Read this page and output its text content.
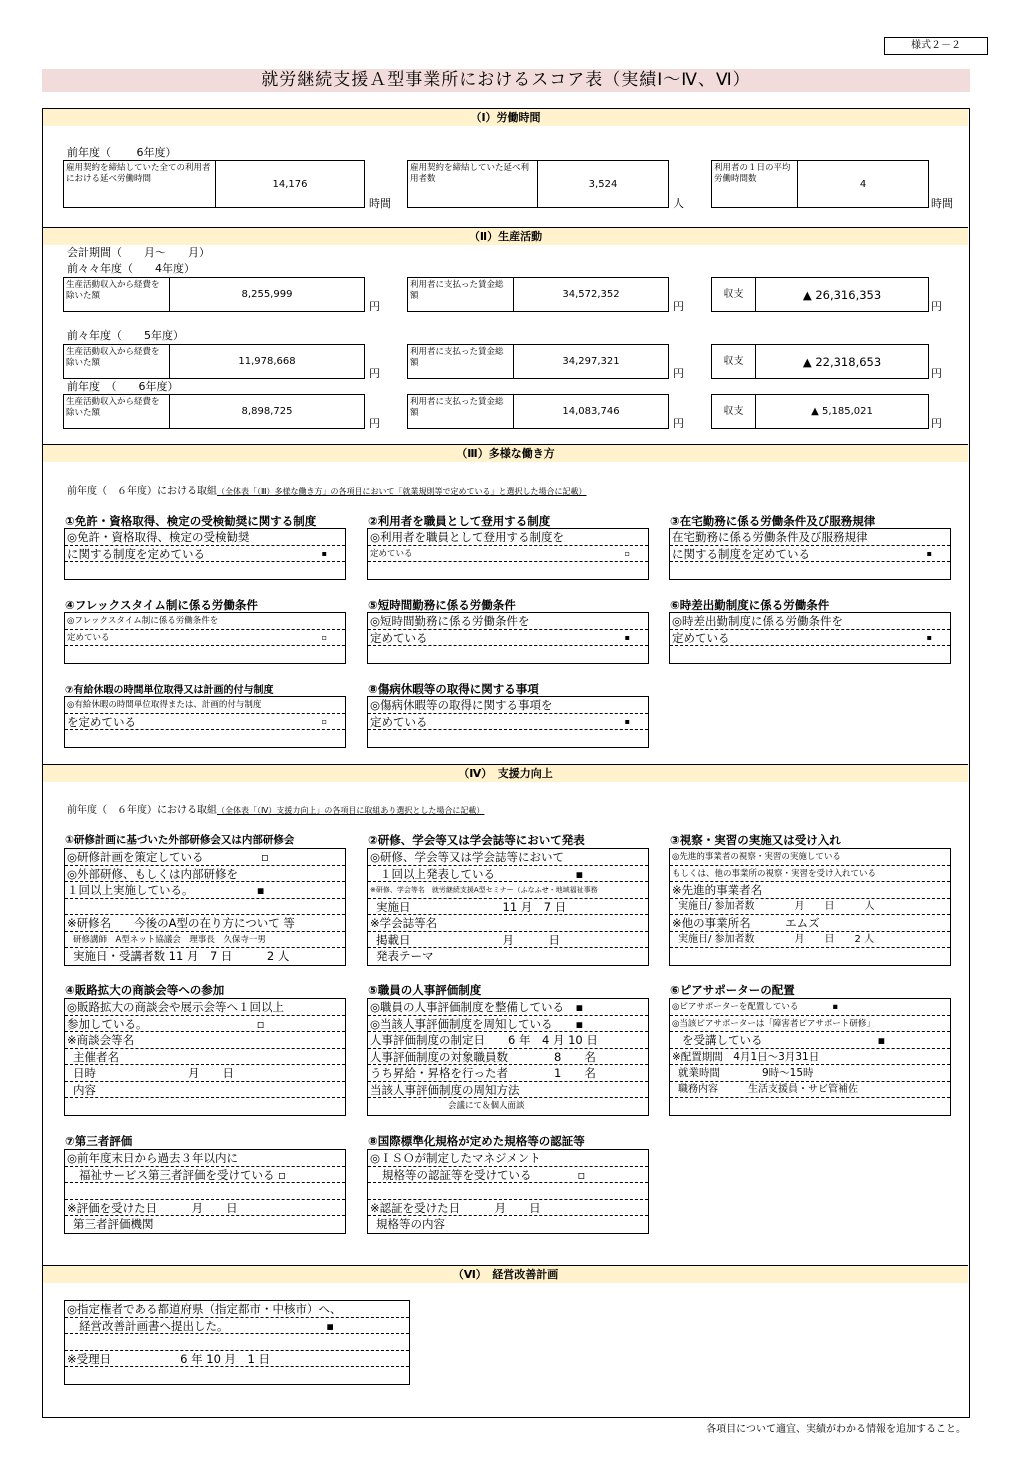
様式２－２
就労継続支援Ａ型事業所におけるスコア表（実績Ⅰ～Ⅳ、Ⅵ）
（Ⅰ）労働時間
前年度（　　 6年度）
雇用契約を締結していた全ての利用者における延べ労働時間	14,176
時間
雇用契約を締結していた延べ利用者数	3,524
人
利用者の１日の平均労働時間数	4
時間
（Ⅱ）生産活動
会計期間（　　月～　　月）
前々々年度（　　4年度）
生産活動収入から経費を除いた額	8,255,999
円
利用者に支払った賃金総額	34,572,352
円
収支	▲ 26,316,353
円
前々年度（　　5年度）
生産活動収入から経費を除いた額	11,978,668
円
利用者に支払った賃金総額	34,297,321
円
収支	▲ 22,318,653
円
前年度　（　　6年度）
生産活動収入から経費を除いた額	8,898,725
円
利用者に支払った賃金総額	14,083,746
円
収支	▲ 5,185,021
円
（Ⅲ）多様な働き方
前年度（　６年度）における取組（全体表「（Ⅲ）多様な働き方」の各項目において「就業規則等で定めている」と選択した場合に記載）
①免許・資格取得、検定の受検勧奨に関する制度
◎免許・資格取得、検定の受検勧奨
に関する制度を定めている	▪
②利用者を職員として登用する制度
◎利用者を職員として登用する制度を
定めている	▫
③在宅勤務に係る労働条件及び服務規律
在宅勤務に係る労働条件及び服務規律
に関する制度を定めている	▪
④フレックスタイム制に係る労働条件
◎フレックスタイム制に係る労働条件を
定めている	▫
⑤短時間勤務に係る労働条件
◎短時間勤務に係る労働条件を
定めている	▪
⑥時差出勤制度に係る労働条件
◎時差出勤制度に係る労働条件を
定めている	▪
⑦有給休暇の時間単位取得又は計画的付与制度
◎有給休暇の時間単位取得または、計画的付与制度
を定めている	▫
⑧傷病休暇等の取得に関する事項
◎傷病休暇等の取得に関する事項を
定めている	▪
（Ⅳ）　支援力向上
前年度（　６年度）における取組（全体表「（Ⅳ）支援力向上」の各項目に取組あり選択とした場合に記載）
①研修計画に基づいた外部研修会又は内部研修会
◎研修計画を策定している　　　　　▫
◎外部研修、もしくは内部研修を
１回以上実施している。　　　　　　▪
※研修名　　今後のA型の在り方について 等
研修講師　A型ネット協議会　理事長　久保寺一男
実施日・受講者数 11 月　7 日　　　2 人
②研修、学会等又は学会誌等において発表
◎研修、学会等又は学会誌等において
１回以上発表している　　　　　　　▪
※研修、学会等名　就労継続支援A型セミナー（ふなふせ・地域福祉事務
実施日　　　　　　　　11 月　7 日
※学会誌等名
掲載日　　　　　　　　月　　　日
発表テーマ
③視察・実習の実施又は受け入れ
◎先進的事業者の視察・実習の実施している
もしくは、他の事業所の視察・実習を受け入れている
※先進的事業者名
実施日/ 参加者数　　　　月　　日　　　人
※他の事業所名　　　エムズ
実施日/ 参加者数　　　　月　　日　　2 人
④販路拡大の商談会等への参加
◎販路拡大の商談会や展示会等へ１回以上
参加している。　　　　　　　　　　▫
※商談会等名
主催者名
日時　　　　　　　　月　　日
内容
⑤職員の人事評価制度
◎職員の人事評価制度を整備している　▪
◎当該人事評価制度を周知している　　▪
人事評価制度の制定日　　6 年　4 月 10 日
人事評価制度の対象職員数　　　　8　　名
うち昇給・昇格を行った者　　　　1　　名
当該人事評価制度の周知方法
会議にて＆個人面談
⑥ピアサポーターの配置
◎ピアサポーターを配置している　　　　▪
◎当該ピアサポーターは「障害者ピアサポート研修」
を受講している　　　　　　　　　　▪
※配置期間　4月1日～3月31日
就業時間　　　　9時～15時
職務内容　　　生活支援員・サビ管補佐
⑦第三者評価
◎前年度末日から過去３年以内に
福祉サービス第三者評価を受けている ▫
※評価を受けた日　　　月　　日
第三者評価機関
⑧国際標準化規格が定めた規格等の認証等
◎ＩＳＯが制定したマネジメント
規格等の認証等を受けている　　　　▫
※認証を受けた日　　　月　　日
規格等の内容
（Ⅵ）　経営改善計画
◎指定権者である都道府県（指定都市・中核市）へ、
経営改善計画書へ提出した。　　　　　　　　　▪
※受理日　　　　　　6 年 10 月　1 日
各項目について適宜、実績がわかる情報を追加すること。
